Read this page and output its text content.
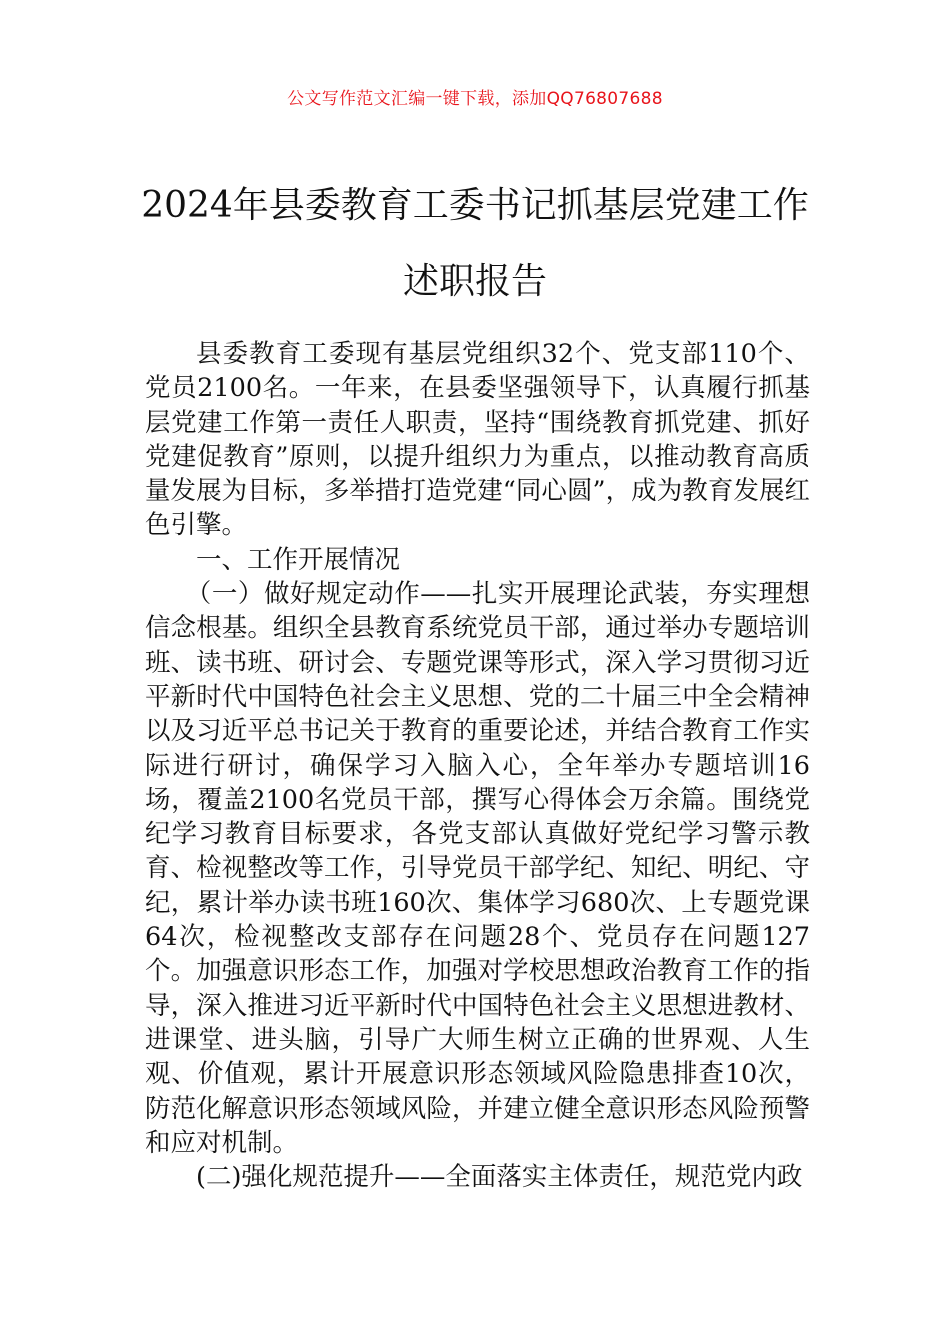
公文写作范文汇编一键下载，添加QQ76807688
2024年县委教育工委书记抓基层党建工作
述职报告

县委教育工委现有基层党组织32个、党支部110个、党员2100名。一年来，在县委坚强领导下，认真履行抓基层党建工作第一责任人职责，坚持“围绕教育抓党建、抓好党建促教育”原则，以提升组织力为重点，以推动教育高质量发展为目标，多举措打造党建“同心圆”，成为教育发展红色引擎。

一、工作开展情况

（一）做好规定动作——扎实开展理论武装，夯实理想信念根基。组织全县教育系统党员干部，通过举办专题培训班、读书班、研讨会、专题党课等形式，深入学习贯彻习近平新时代中国特色社会主义思想、党的二十届三中全会精神以及习近平总书记关于教育的重要论述，并结合教育工作实际进行研讨，确保学习入脑入心，全年举办专题培训16场，覆盖2100名党员干部，撰写心得体会万余篇。围绕党纪学习教育目标要求，各党支部认真做好党纪学习警示教育、检视整改等工作，引导党员干部学纪、知纪、明纪、守纪，累计举办读书班160次、集体学习680次、上专题党课64次，检视整改支部存在问题28个、党员存在问题127个。加强意识形态工作，加强对学校思想政治教育工作的指导，深入推进习近平新时代中国特色社会主义思想进教材、进课堂、进头脑，引导广大师生树立正确的世界观、人生观、价值观，累计开展意识形态领域风险隐患排查10次，防范化解意识形态领域风险，并建立健全意识形态风险预警和应对机制。

(二)强化规范提升——全面落实主体责任，规范党内政
